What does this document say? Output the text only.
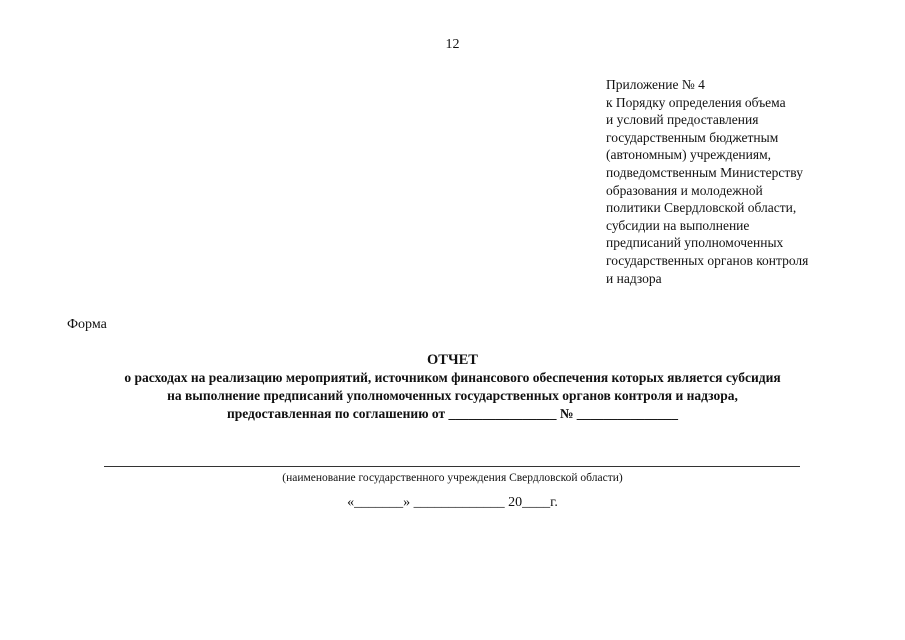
12
Приложение № 4
к Порядку определения объема
и условий предоставления
государственным бюджетным
(автономным) учреждениям,
подведомственным Министерству
образования и молодежной
политики Свердловской области,
субсидии на выполнение
предписаний уполномоченных
государственных органов контроля
и надзора
Форма
ОТЧЕТ
о расходах на реализацию мероприятий, источником финансового обеспечения которых является субсидия
на выполнение предписаний уполномоченных государственных органов контроля и надзора,
предоставленная по соглашению от ________________ № _______________
(наименование государственного учреждения Свердловской области)
«_______» _____________ 20____г.
